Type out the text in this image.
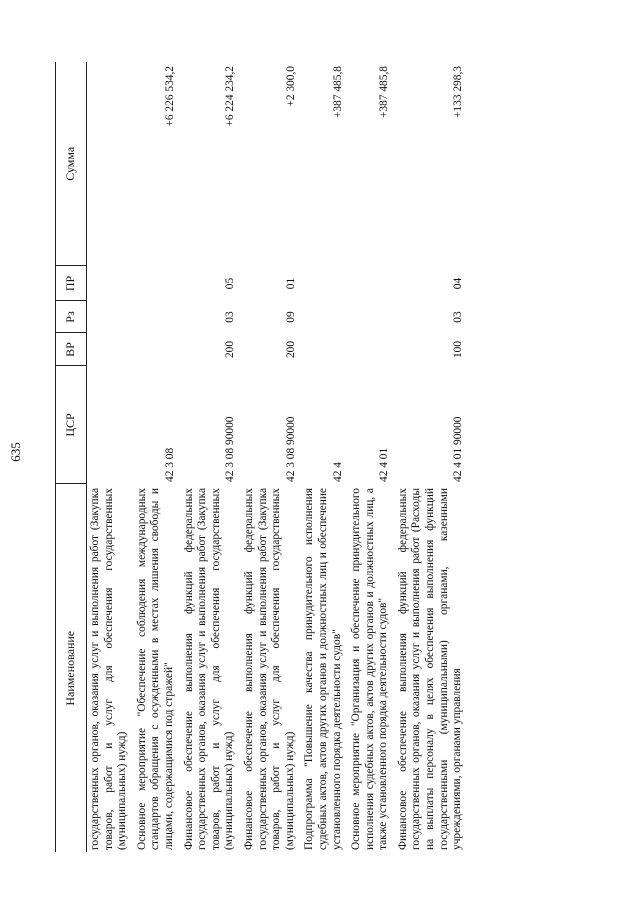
635
Наименование	ЦСР	ВР	Рз	ПР	Сумма
государственных органов, оказания услуг и выполнения работ (Закупка товаров, работ и услуг для обеспечения государственных (муниципальных) нужд)					
Основное мероприятие "Обеспечение соблюдения международных стандартов обращения с осужденными в местах лишения свободы и лицами, содержащимися под стражей"	42 3 08				+6 226 534,2
Финансовое обеспечение выполнения функций федеральных государственных органов, оказания услуг и выполнения работ (Закупка товаров, работ и услуг для обеспечения государственных (муниципальных) нужд)	42 3 08 90000	200	03	05	+6 224 234,2
Финансовое обеспечение выполнения функций федеральных государственных органов, оказания услуг и выполнения работ (Закупка товаров, работ и услуг для обеспечения государственных (муниципальных) нужд)	42 3 08 90000	200	09	01	+2 300,0
Подпрограмма "Повышение качества принудительного исполнения судебных актов, актов других органов и должностных лиц и обеспечение установленного порядка деятельности судов"	42 4				+387 485,8
Основное мероприятие "Организация и обеспечение принудительного исполнения судебных актов, актов других органов и должностных лиц, а также установленного порядка деятельности судов"	42 4 01				+387 485,8
Финансовое обеспечение выполнения функций федеральных государственных органов, оказания услуг и выполнения работ (Расходы на выплаты персоналу в целях обеспечения выполнения функций государственными (муниципальными) органами, казенными учреждениями, органами управления	42 4 01 90000	100	03	04	+133 298,3
